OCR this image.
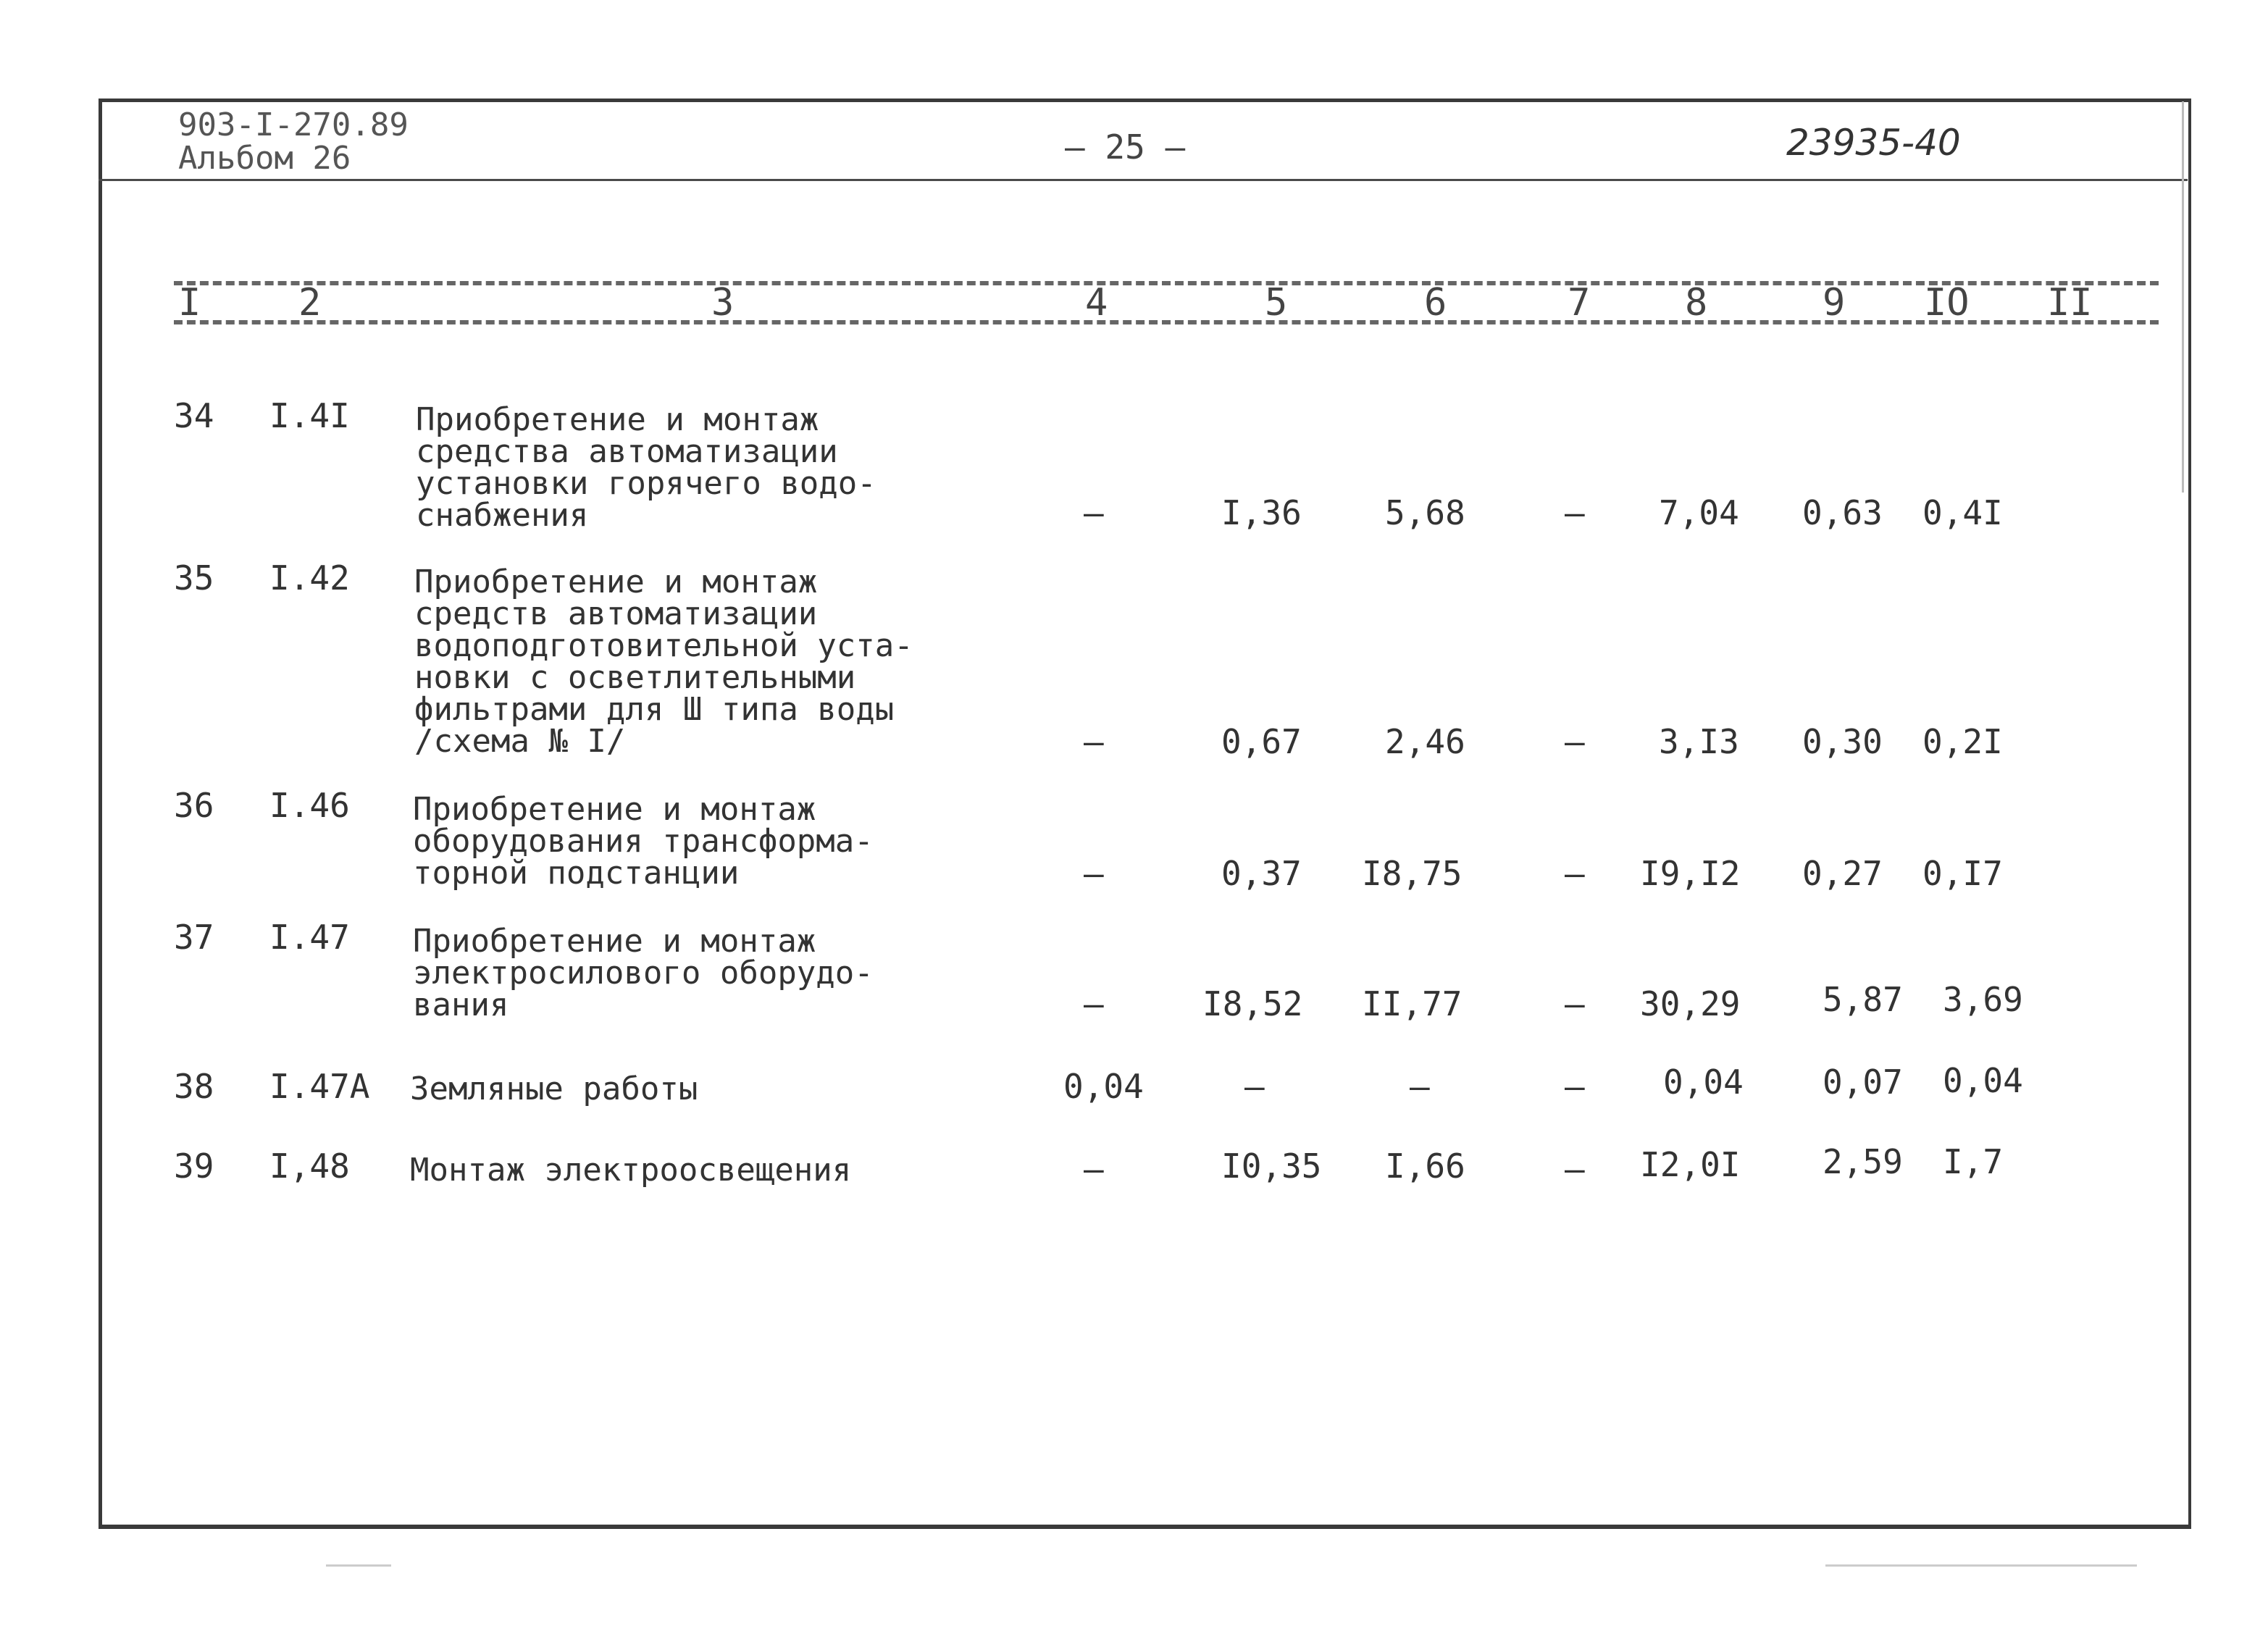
903-I-270.89
Альбом 26	– 25 –	23935-40
I	2	3	4	5	6	7	8	9 IO II
34 I.4I Приобретение и монтаж
средства автоматизации
установки горячего водо-
снабжения	–	I,36	5,68	– 7,04 0,63 0,4I
35 I.42 Приобретение и монтаж
средств автоматизации
водоподготовительной уста-
новки с осветлительными
фильтрами для Ш типа воды
/схема № I/	–	0,67	2,46	– 3,I3 0,30 0,2I
36 I.46 Приобретение и монтаж
оборудования трансформа-
торной подстанции	–	0,37 I8,75	– I9,I2 0,27 0,I7
37 I.47 Приобретение и монтаж
электросилового оборудо-
вания	–	I8,52 II,77	– 30,29 5,87 3,69
38 I.47A Земляные работы	0,04	–	–	– 0,04 0,07 0,04
39 I,48 Монтаж электроосвещения	–	I0,35 I,66	– I2,0I 2,59 I,7
